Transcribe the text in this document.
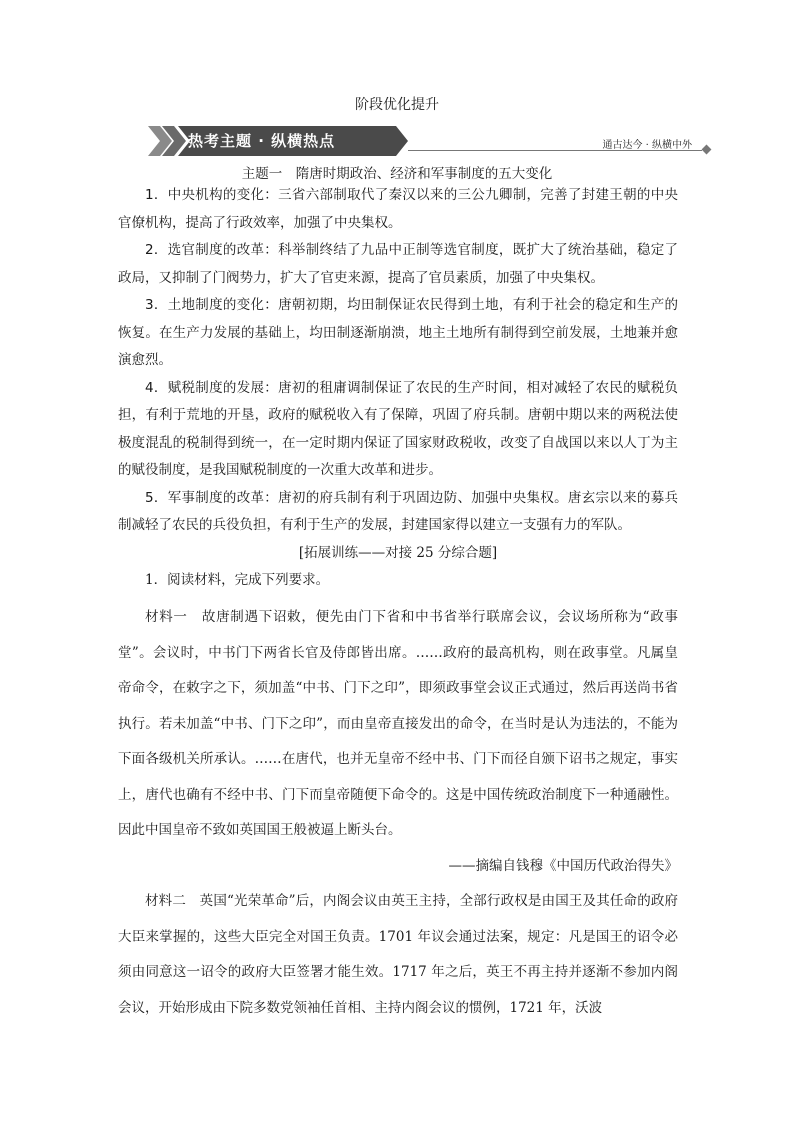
阶段优化提升
热考主题 · 纵横热点	通古达今 · 纵横中外
主题一　隋唐时期政治、经济和军事制度的五大变化

1．中央机构的变化：三省六部制取代了秦汉以来的三公九卿制，完善了封建王朝的中央官僚机构，提高了行政效率，加强了中央集权。

2．选官制度的改革：科举制终结了九品中正制等选官制度，既扩大了统治基础，稳定了政局，又抑制了门阀势力，扩大了官吏来源，提高了官员素质，加强了中央集权。

3．土地制度的变化：唐朝初期，均田制保证农民得到土地，有利于社会的稳定和生产的恢复。在生产力发展的基础上，均田制逐渐崩溃，地主土地所有制得到空前发展，土地兼并愈演愈烈。

4．赋税制度的发展：唐初的租庸调制保证了农民的生产时间，相对减轻了农民的赋税负担，有利于荒地的开垦，政府的赋税收入有了保障，巩固了府兵制。唐朝中期以来的两税法使极度混乱的税制得到统一，在一定时期内保证了国家财政税收，改变了自战国以来以人丁为主的赋役制度，是我国赋税制度的一次重大改革和进步。

5．军事制度的改革：唐初的府兵制有利于巩固边防、加强中央集权。唐玄宗以来的募兵制减轻了农民的兵役负担，有利于生产的发展，封建国家得以建立一支强有力的军队。

[拓展训练——对接 25 分综合题]

1．阅读材料，完成下列要求。

材料一　 故唐制遇下诏敕，便先由门下省和中书省举行联席会议，会议场所称为“政事堂”。会议时，中书门下两省长官及侍郎皆出席。……政府的最高机构，则在政事堂。凡属皇帝命令，在敕字之下，须加盖“中书、门下之印”，即须政事堂会议正式通过，然后再送尚书省执行。若未加盖“中书、门下之印”，而由皇帝直接发出的命令，在当时是认为违法的，不能为下面各级机关所承认。……在唐代，也并无皇帝不经中书、门下而径自颁下诏书之规定，事实上，唐代也确有不经中书、门下而皇帝随便下命令的。这是中国传统政治制度下一种通融性。因此中国皇帝不致如英国国王般被逼上断头台。

——摘编自钱穆《中国历代政治得失》

材料二　 英国“光荣革命”后，内阁会议由英王主持，全部行政权是由国王及其任命的政府大臣来掌握的，这些大臣完全对国王负责。1701 年议会通过法案，规定：凡是国王的诏令必须由同意这一诏令的政府大臣签署才能生效。1717 年之后，英王不再主持并逐渐不参加内阁会议，开始形成由下院多数党领袖任首相、主持内阁会议的惯例，1721 年，沃波
